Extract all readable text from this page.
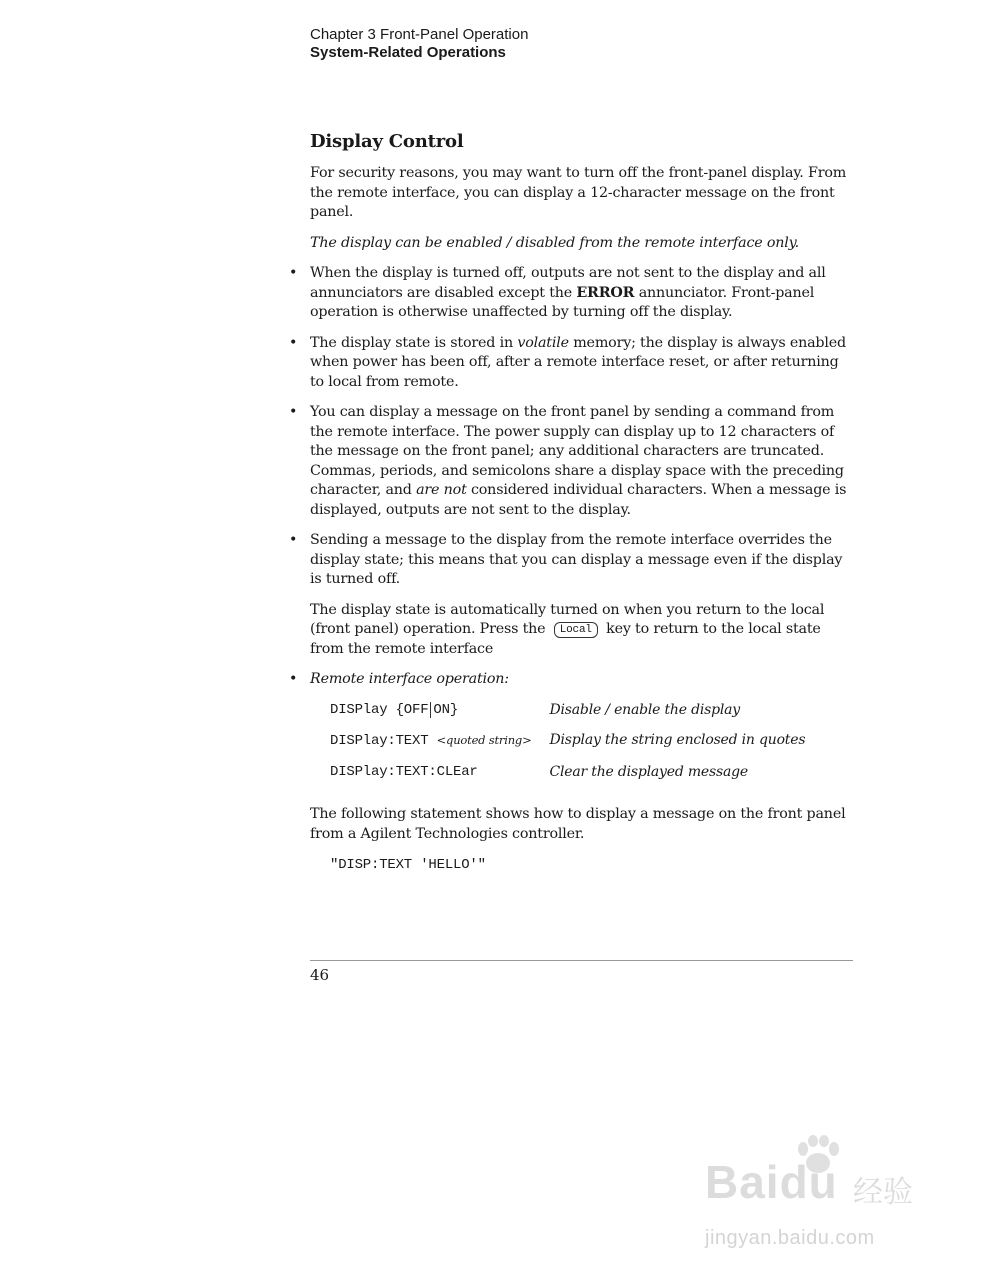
Chapter 3 Front-Panel Operation
System-Related Operations
Display Control

For security reasons, you may want to turn off the front-panel display. From the remote interface, you can display a 12-character message on the front panel.

The display can be enabled / disabled from the remote interface only.

• When the display is turned off, outputs are not sent to the display and all annunciators are disabled except the ERROR annunciator. Front-panel operation is otherwise unaffected by turning off the display.
• The display state is stored in volatile memory; the display is always enabled when power has been off, after a remote interface reset, or after returning to local from remote.
• You can display a message on the front panel by sending a command from the remote interface. The power supply can display up to 12 characters of the message on the front panel; any additional characters are truncated. Commas, periods, and semicolons share a display space with the preceding character, and are not considered individual characters. When a message is displayed, outputs are not sent to the display.
• Sending a message to the display from the remote interface overrides the display state; this means that you can display a message even if the display is turned off.

The display state is automatically turned on when you return to the local (front panel) operation. Press the Local key to return to the local state from the remote interface

• Remote interface operation:
DISPlay {OFF ON}	Disable / enable the display
DISPlay:TEXT <quoted string>	Display the string enclosed in quotes
DISPlay:TEXT:CLEar	Clear the displayed message

The following statement shows how to display a message on the front panel from a Agilent Technologies controller.

"DISP:TEXT 'HELLO'"
46
Baidu 经验
jingyan.baidu.com
